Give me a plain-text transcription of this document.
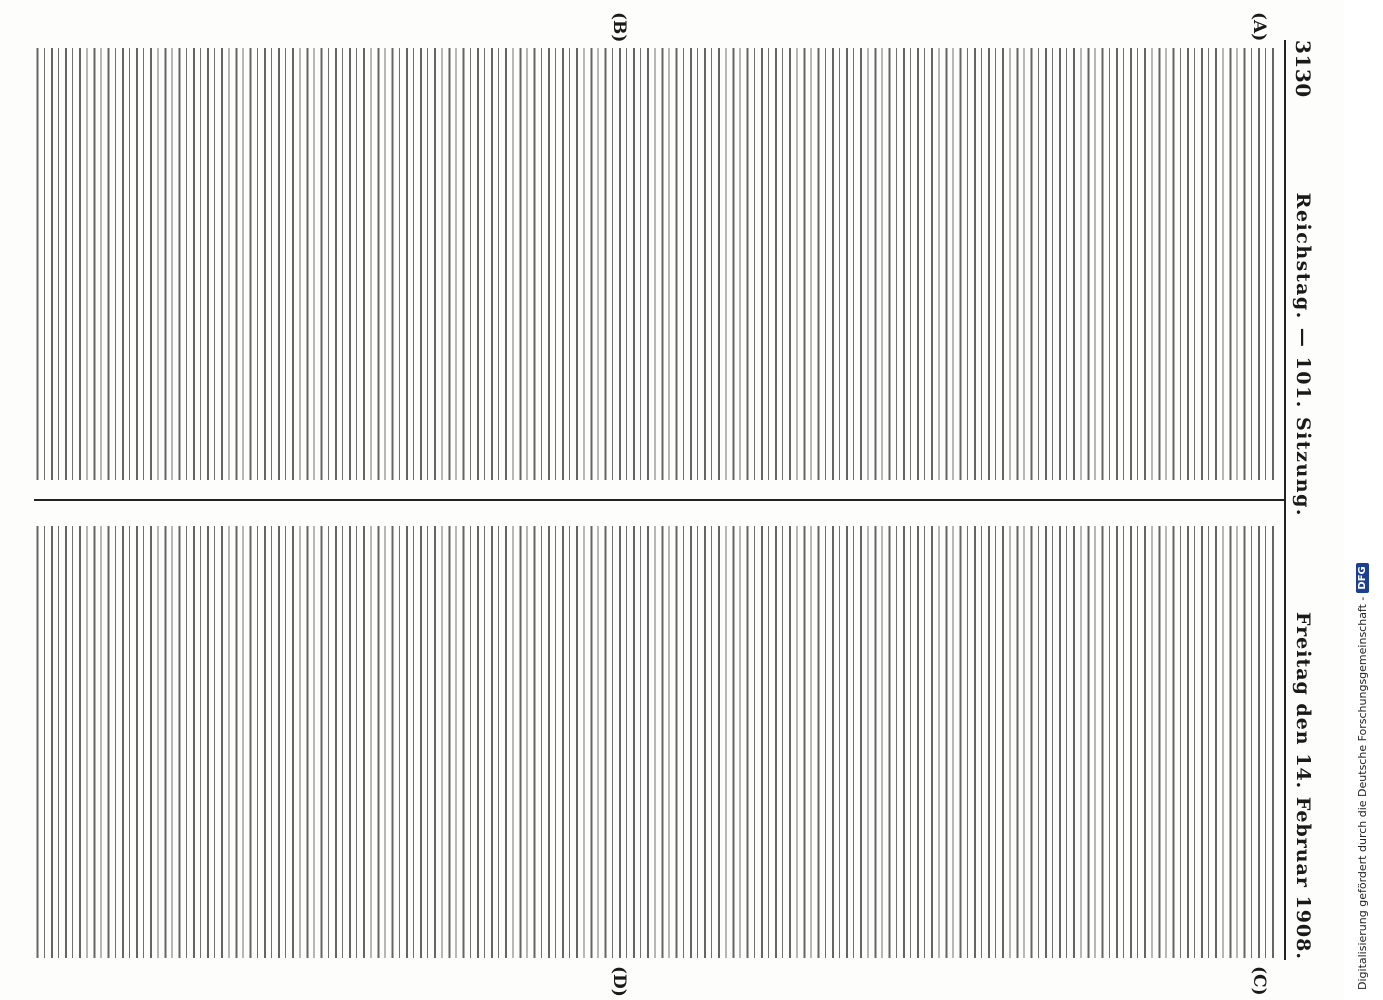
3130
Reichstag. — 101. Sitzung.
Freitag den 14. Februar 1908.
(A)
(B)
(C)
(D)	Digitalisierung gefördert durch die Deutsche Forschungsgemeinschaft -
DFG
